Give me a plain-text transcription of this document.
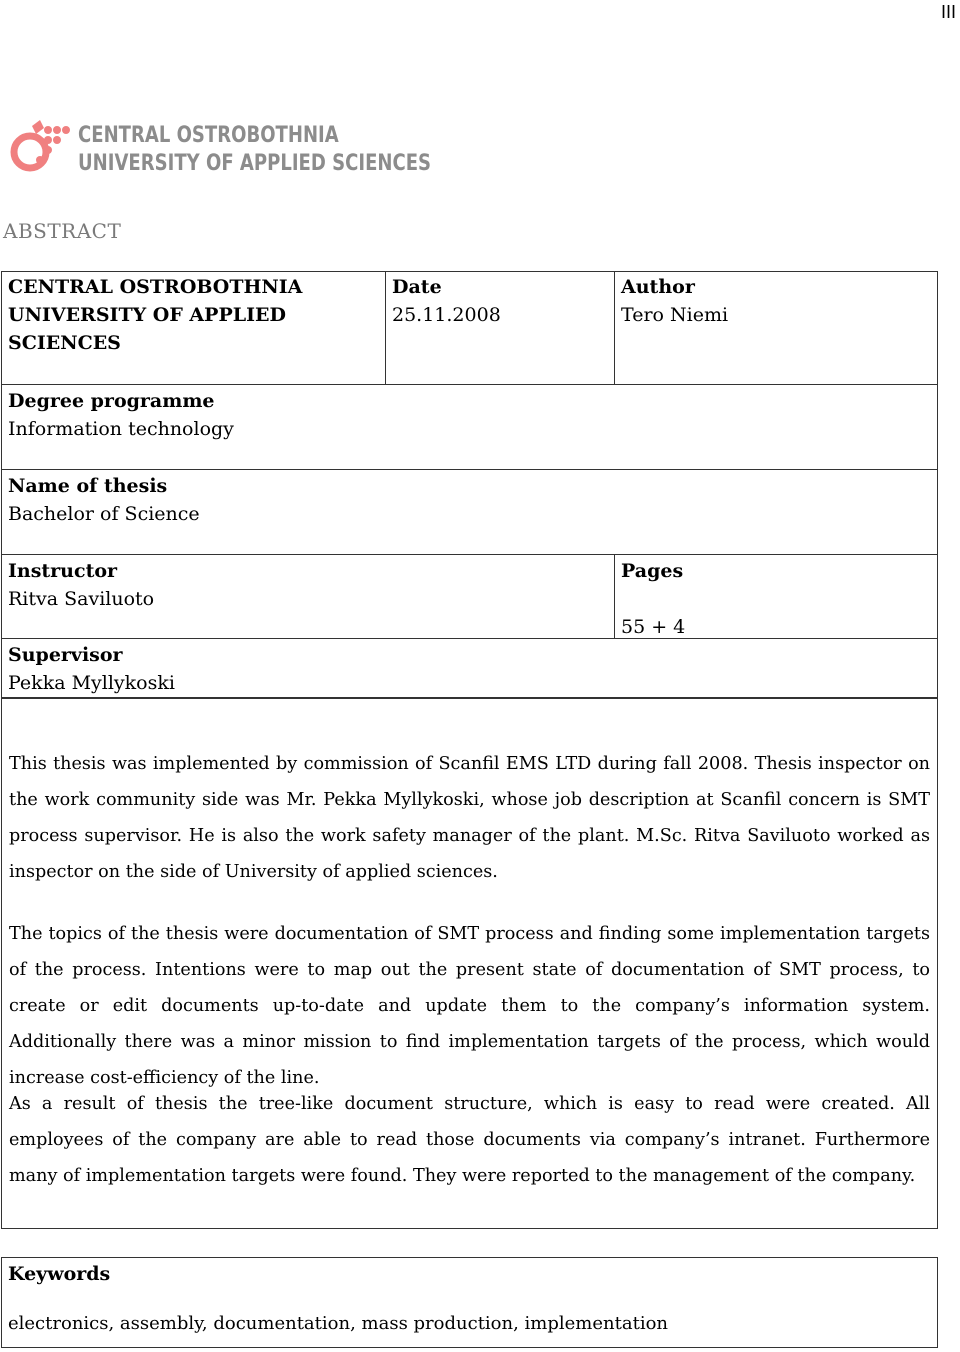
III
CENTRAL OSTROBOTHNIA
UNIVERSITY OF APPLIED SCIENCES
ABSTRACT
CENTRAL OSTROBOTHNIA
UNIVERSITY OF APPLIED
SCIENCES
Date
25.11.2008
Author
Tero Niemi
Degree programme
Information technology
Name of thesis
Bachelor of Science
Instructor
Ritva Saviluoto
Pages
55 + 4
Supervisor
Pekka Myllykoski
This thesis was implemented by commission of Scanfil EMS LTD during fall 2008. Thesis inspector on the work community side was Mr. Pekka Myllykoski, whose job description at Scanfil concern is SMT process supervisor. He is also the work safety manager of the plant. M.Sc. Ritva Saviluoto worked as inspector on the side of University of applied sciences.
The topics of the thesis were documentation of SMT process and finding some implementation targets of the process. Intentions were to map out the present state of documentation of SMT process, to create or edit documents up-to-date and update them to the company’s information system. Additionally there was a minor mission to find implementation targets of the process, which would increase cost-efficiency of the line.
As a result of thesis the tree-like document structure, which is easy to read were created. All employees of the company are able to read those documents via company’s intranet. Furthermore many of implementation targets were found. They were reported to the management of the company.
Keywords
electronics, assembly, documentation, mass production, implementation
